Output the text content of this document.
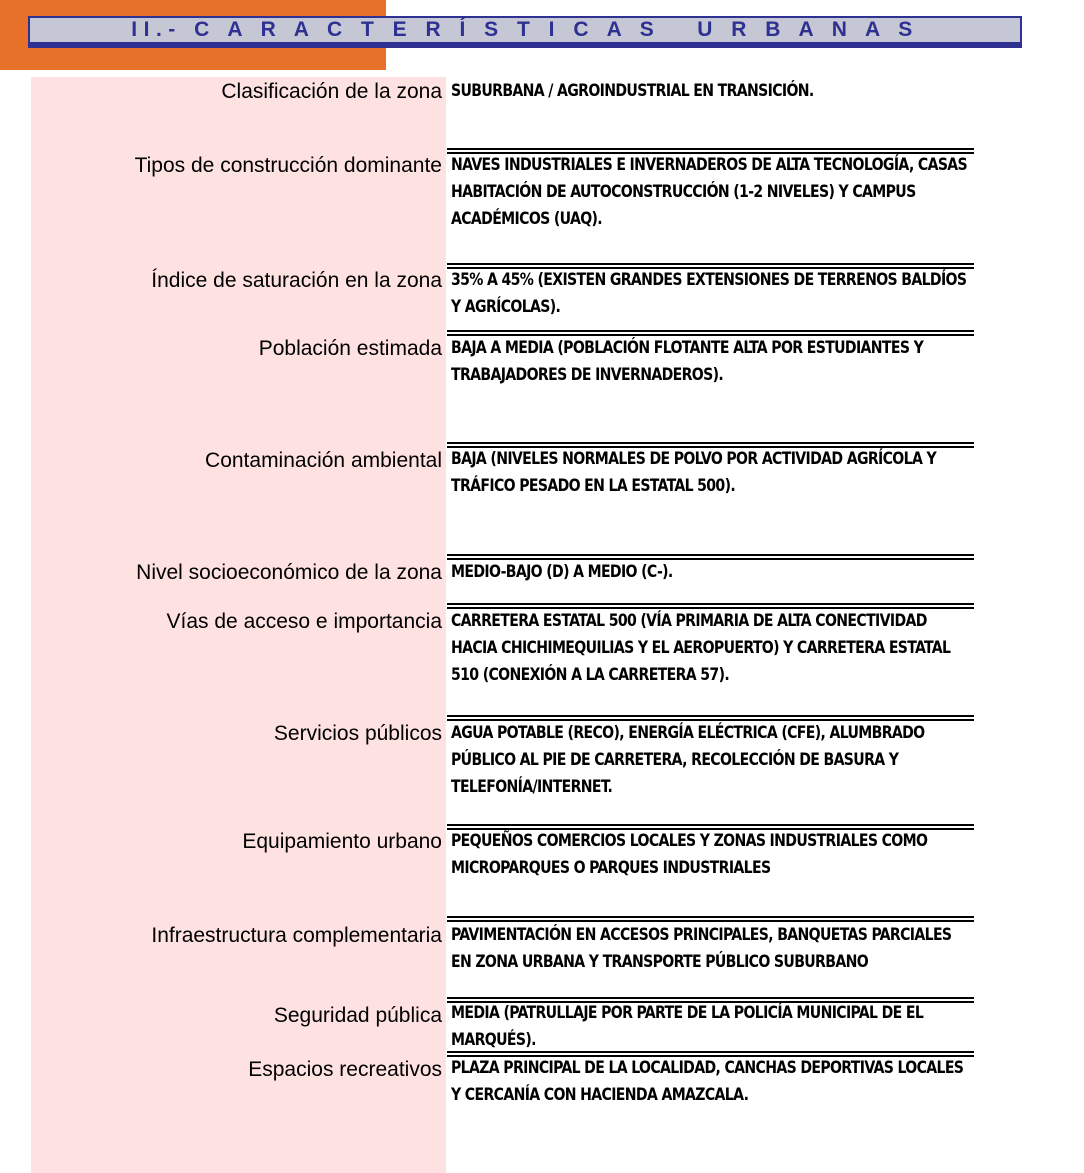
II.- C A R A C T E R Í S T I C A S   U R B A N A S
Clasificación de la zona SUBURBANA / AGROINDUSTRIAL EN TRANSICIÓN.
Tipos de construcción dominante NAVES INDUSTRIALES E INVERNADEROS DE ALTA TECNOLOGÍA, CASAS HABITACIÓN DE AUTOCONSTRUCCIÓN (1-2 NIVELES) Y CAMPUS ACADÉMICOS (UAQ).
Índice de saturación en la zona 35% A 45% (EXISTEN GRANDES EXTENSIONES DE TERRENOS BALDÍOS Y AGRÍCOLAS).
Población estimada BAJA A MEDIA (POBLACIÓN FLOTANTE ALTA POR ESTUDIANTES Y TRABAJADORES DE INVERNADEROS).
Contaminación ambiental BAJA (NIVELES NORMALES DE POLVO POR ACTIVIDAD AGRÍCOLA Y TRÁFICO PESADO EN LA ESTATAL 500).
Nivel socioeconómico de la zona MEDIO-BAJO (D) A MEDIO (C-).
Vías de acceso e importancia CARRETERA ESTATAL 500 (VÍA PRIMARIA DE ALTA CONECTIVIDAD HACIA CHICHIMEQUILIAS Y EL AEROPUERTO) Y CARRETERA ESTATAL 510 (CONEXIÓN A LA CARRETERA 57).
Servicios públicos AGUA POTABLE (RECO), ENERGÍA ELÉCTRICA (CFE), ALUMBRADO PÚBLICO AL PIE DE CARRETERA, RECOLECCIÓN DE BASURA Y TELEFONÍA/INTERNET.
Equipamiento urbano PEQUEÑOS COMERCIOS LOCALES Y ZONAS INDUSTRIALES COMO MICROPARQUES O PARQUES INDUSTRIALES
Infraestructura complementaria PAVIMENTACIÓN EN ACCESOS PRINCIPALES, BANQUETAS PARCIALES EN ZONA URBANA Y TRANSPORTE PÚBLICO SUBURBANO
Seguridad pública MEDIA (PATRULLAJE POR PARTE DE LA POLICÍA MUNICIPAL DE EL MARQUÉS).
Espacios recreativos PLAZA PRINCIPAL DE LA LOCALIDAD, CANCHAS DEPORTIVAS LOCALES Y CERCANÍA CON HACIENDA AMAZCALA.
